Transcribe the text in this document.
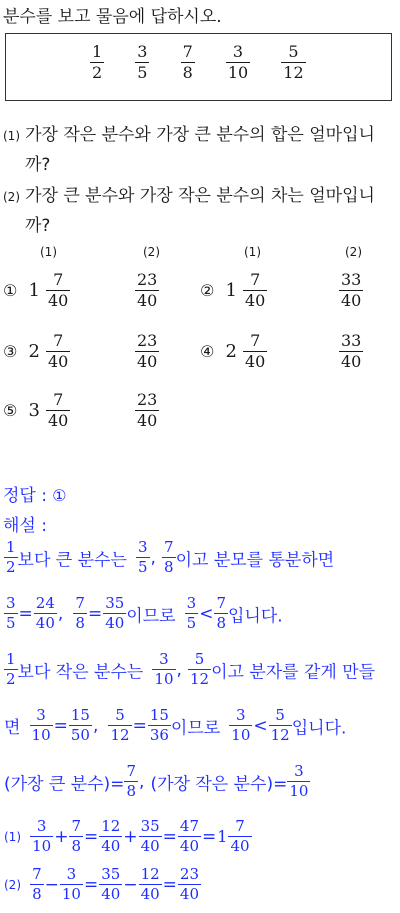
분수를 보고 물음에 답하시오.
$\frac{1}{2}$
$\frac{3}{5}$
$\frac{7}{8}$
$\frac{3}{10}$
$\frac{5}{12}$
(1) 가장 작은 분수와 가장 큰 분수의 합은 얼마입니
까?
(2) 가장 큰 분수와 가장 작은 분수의 차는 얼마입니
까?
(1)	(2)	(1)	(2)
① $1 \frac{7}{40}$	$\frac{23}{40}$	② $1 \frac{7}{40}$	$\frac{33}{40}$
③ $2 \frac{7}{40}$	$\frac{23}{40}$	④ $2 \frac{7}{40}$	$\frac{33}{40}$
⑤ $3 \frac{7}{40}$	$\frac{23}{40}$
정답 : ①
해설 :
$\frac{1}{2}$ 보다 큰 분수는 $\frac{3}{5}$ , $\frac{7}{8}$ 이고 분모를 통분하면
$\frac{3}{5} = \frac{24}{40}$ , $\frac{7}{8} = \frac{35}{40}$ 이므로 $\frac{3}{5} < \frac{7}{8}$ 입니다.
$\frac{1}{2}$ 보다 작은 분수는 $\frac{3}{10}$ , $\frac{5}{12}$ 이고 분자를 같게 만들
면 $\frac{3}{10} = \frac{15}{50}$ , $\frac{5}{12} = \frac{15}{36}$ 이므로 $\frac{3}{10} < \frac{5}{12}$ 입니다.
(가장 큰 분수)= $\frac{7}{8}$ , (가장 작은 분수)= $\frac{3}{10}$
$(1) \frac{3}{10} + \frac{7}{8} = \frac{12}{40} + \frac{35}{40} = \frac{47}{40} =1 \frac{7}{40}$
$(2) \frac{7}{8} - \frac{3}{10} = \frac{35}{40} - \frac{12}{40} = \frac{23}{40}$
